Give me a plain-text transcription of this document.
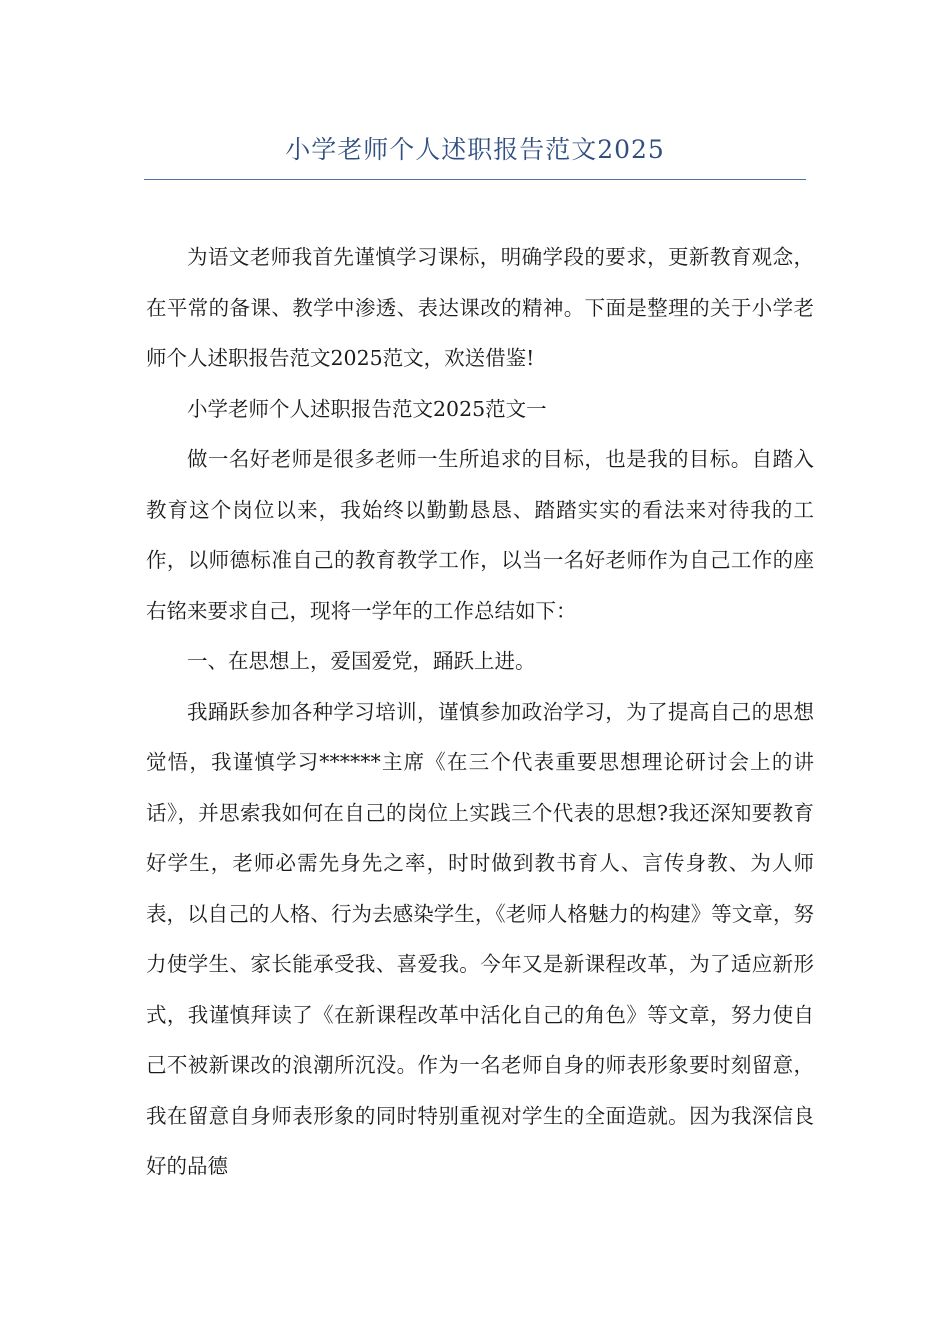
小学老师个人述职报告范文2025

为语文老师我首先谨慎学习课标，明确学段的要求，更新教育观念，在平常的备课、教学中渗透、表达课改的精神。下面是整理的关于小学老师个人述职报告范文2025范文，欢送借鉴!

小学老师个人述职报告范文2025范文一

做一名好老师是很多老师一生所追求的目标，也是我的目标。自踏入教育这个岗位以来，我始终以勤勤恳恳、踏踏实实的看法来对待我的工作，以师德标准自己的教育教学工作，以当一名好老师作为自己工作的座右铭来要求自己，现将一学年的工作总结如下：

一、在思想上，爱国爱党，踊跃上进。

我踊跃参加各种学习培训，谨慎参加政治学习，为了提高自己的思想觉悟，我谨慎学习******主席《在三个代表重要思想理论研讨会上的讲话》，并思索我如何在自己的岗位上实践三个代表的思想?我还深知要教育好学生，老师必需先身先之率，时时做到教书育人、言传身教、为人师表，以自己的人格、行为去感染学生，《老师人格魅力的构建》等文章，努力使学生、家长能承受我、喜爱我。今年又是新课程改革，为了适应新形式，我谨慎拜读了《在新课程改革中活化自己的角色》等文章，努力使自己不被新课改的浪潮所沉没。作为一名老师自身的师表形象要时刻留意，我在留意自身师表形象的同时特别重视对学生的全面造就。因为我深信良好的品德
